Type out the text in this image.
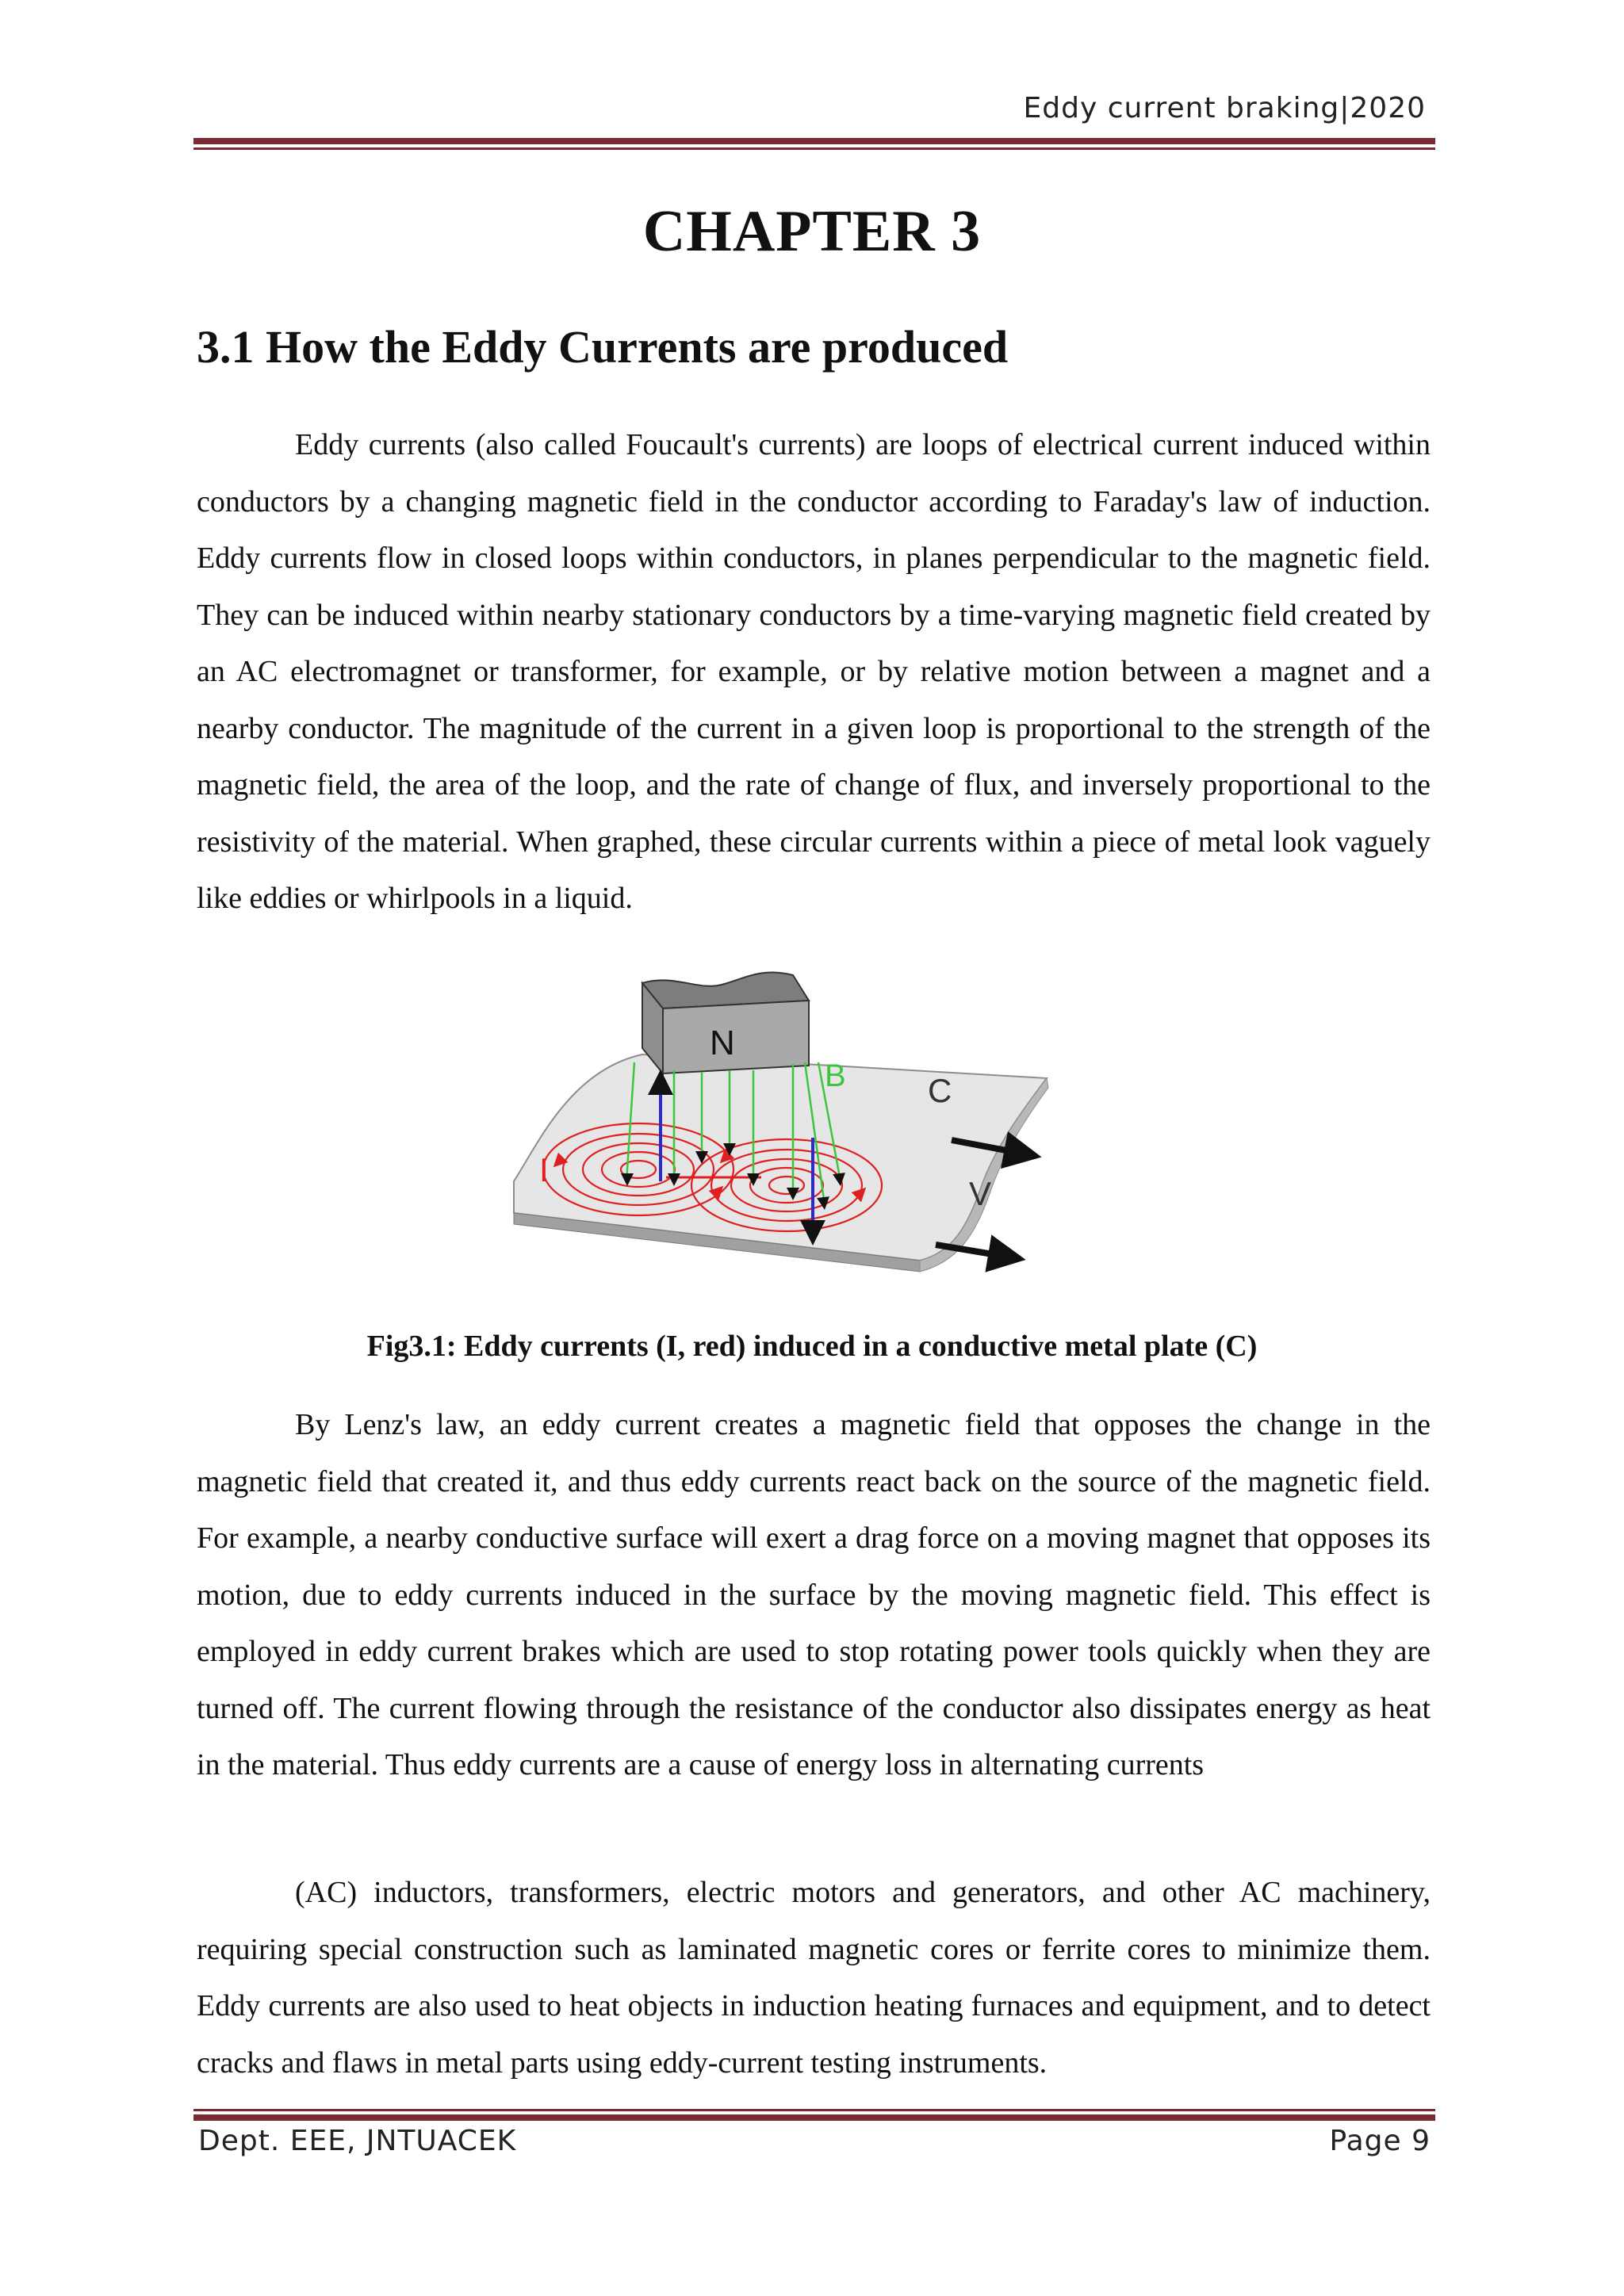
Eddy current braking|2020
CHAPTER 3
3.1 How the Eddy Currents are produced

Eddy currents (also called Foucault's currents) are loops of electrical current induced within conductors by a changing magnetic field in the conductor according to Faraday's law of induction. Eddy currents flow in closed loops within conductors, in planes perpendicular to the magnetic field. They can be induced within nearby stationary conductors by a time-varying magnetic field created by an AC electromagnet or transformer, for example, or by relative motion between a magnet and a nearby conductor. The magnitude of the current in a given loop is proportional to the strength of the magnetic field, the area of the loop, and the rate of change of flux, and inversely proportional to the resistivity of the material. When graphed, these circular currents within a piece of metal look vaguely like eddies or whirlpools in a liquid.

N
B C
I
V
Fig3.1: Eddy currents (I, red) induced in a conductive metal plate (C)

By Lenz's law, an eddy current creates a magnetic field that opposes the change in the magnetic field that created it, and thus eddy currents react back on the source of the magnetic field. For example, a nearby conductive surface will exert a drag force on a moving magnet that opposes its motion, due to eddy currents induced in the surface by the moving magnetic field. This effect is employed in eddy current brakes which are used to stop rotating power tools quickly when they are turned off. The current flowing through the resistance of the conductor also dissipates energy as heat in the material. Thus eddy currents are a cause of energy loss in alternating currents

(AC) inductors, transformers, electric motors and generators, and other AC machinery, requiring special construction such as laminated magnetic cores or ferrite cores to minimize them. Eddy currents are also used to heat objects in induction heating furnaces and equipment, and to detect cracks and flaws in metal parts using eddy-current testing instruments.

Dept. EEE, JNTUACEK	Page 9
